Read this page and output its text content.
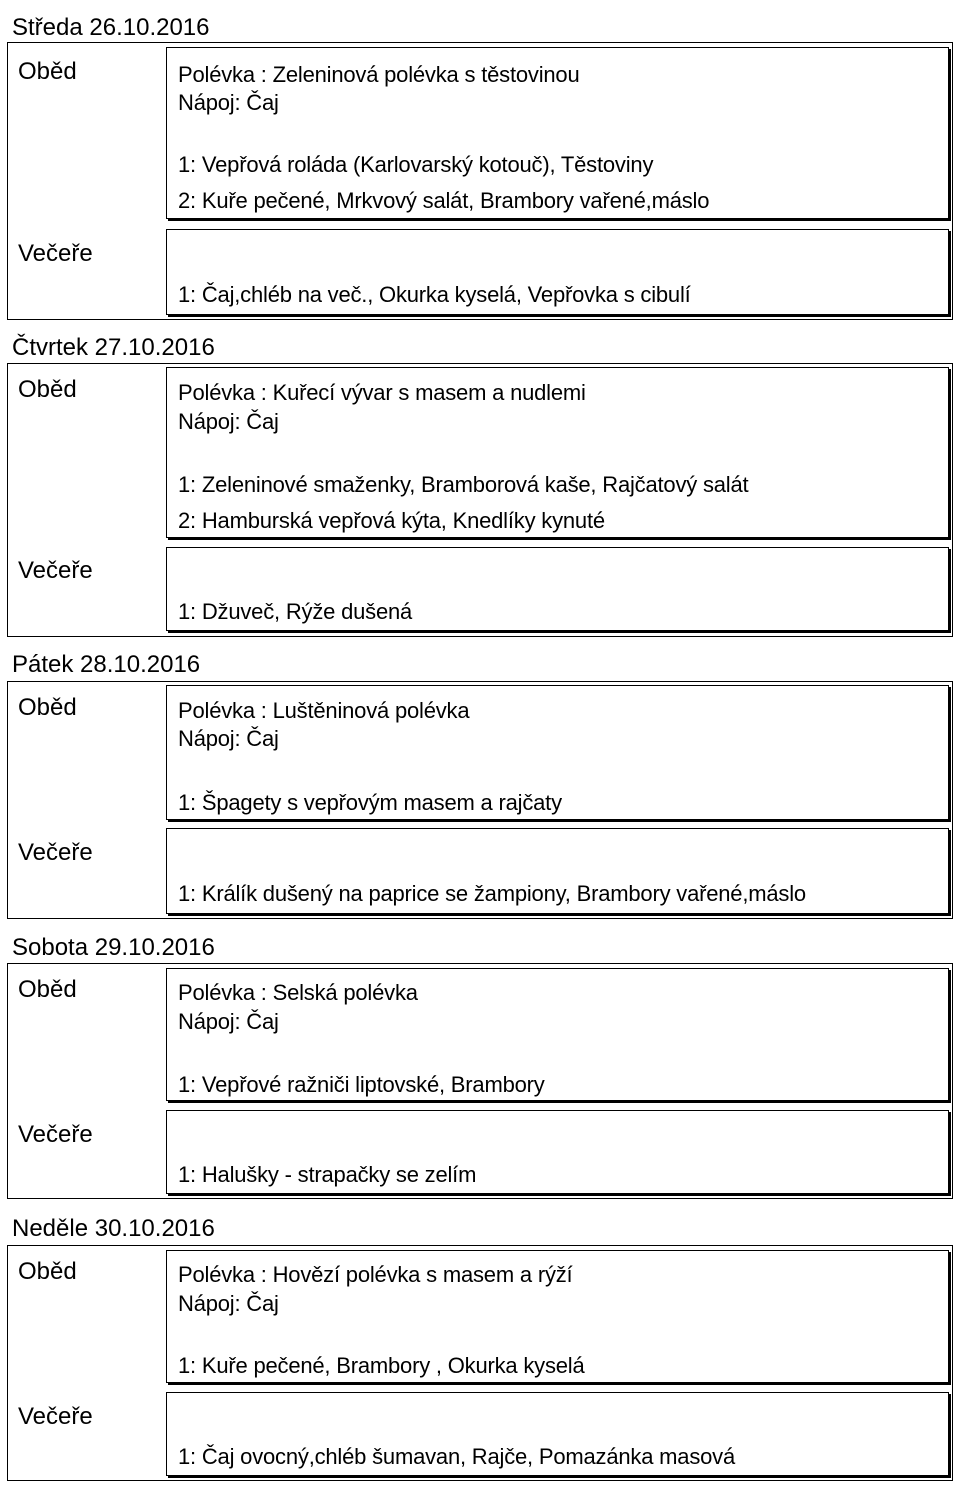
Středa 26.10.2016
Oběd	Polévka : Zeleninová polévka s těstovinou
Nápoj: Čaj
1: Vepřová roláda (Karlovarský kotouč), Těstoviny
2: Kuře pečené, Mrkvový salát, Brambory vařené,máslo
Večeře
1: Čaj,chléb na več., Okurka kyselá, Vepřovka s cibulí
Čtvrtek 27.10.2016
Oběd	Polévka : Kuřecí vývar s masem a nudlemi
Nápoj: Čaj
1: Zeleninové smaženky, Bramborová kaše, Rajčatový salát
2: Hamburská vepřová kýta, Knedlíky kynuté
Večeře
1: Džuveč, Rýže dušená
Pátek 28.10.2016
Oběd	Polévka : Luštěninová polévka
Nápoj: Čaj
1: Špagety s vepřovým masem a rajčaty
Večeře
1: Králík dušený na paprice se žampiony, Brambory vařené,máslo
Sobota 29.10.2016
Oběd	Polévka : Selská polévka
Nápoj: Čaj
1: Vepřové ražniči liptovské, Brambory
Večeře
1: Halušky - strapačky se zelím
Neděle 30.10.2016
Oběd	Polévka : Hovězí polévka s masem a rýží
Nápoj: Čaj
1: Kuře pečené, Brambory , Okurka kyselá
Večeře
1: Čaj ovocný,chléb šumavan, Rajče, Pomazánka masová
